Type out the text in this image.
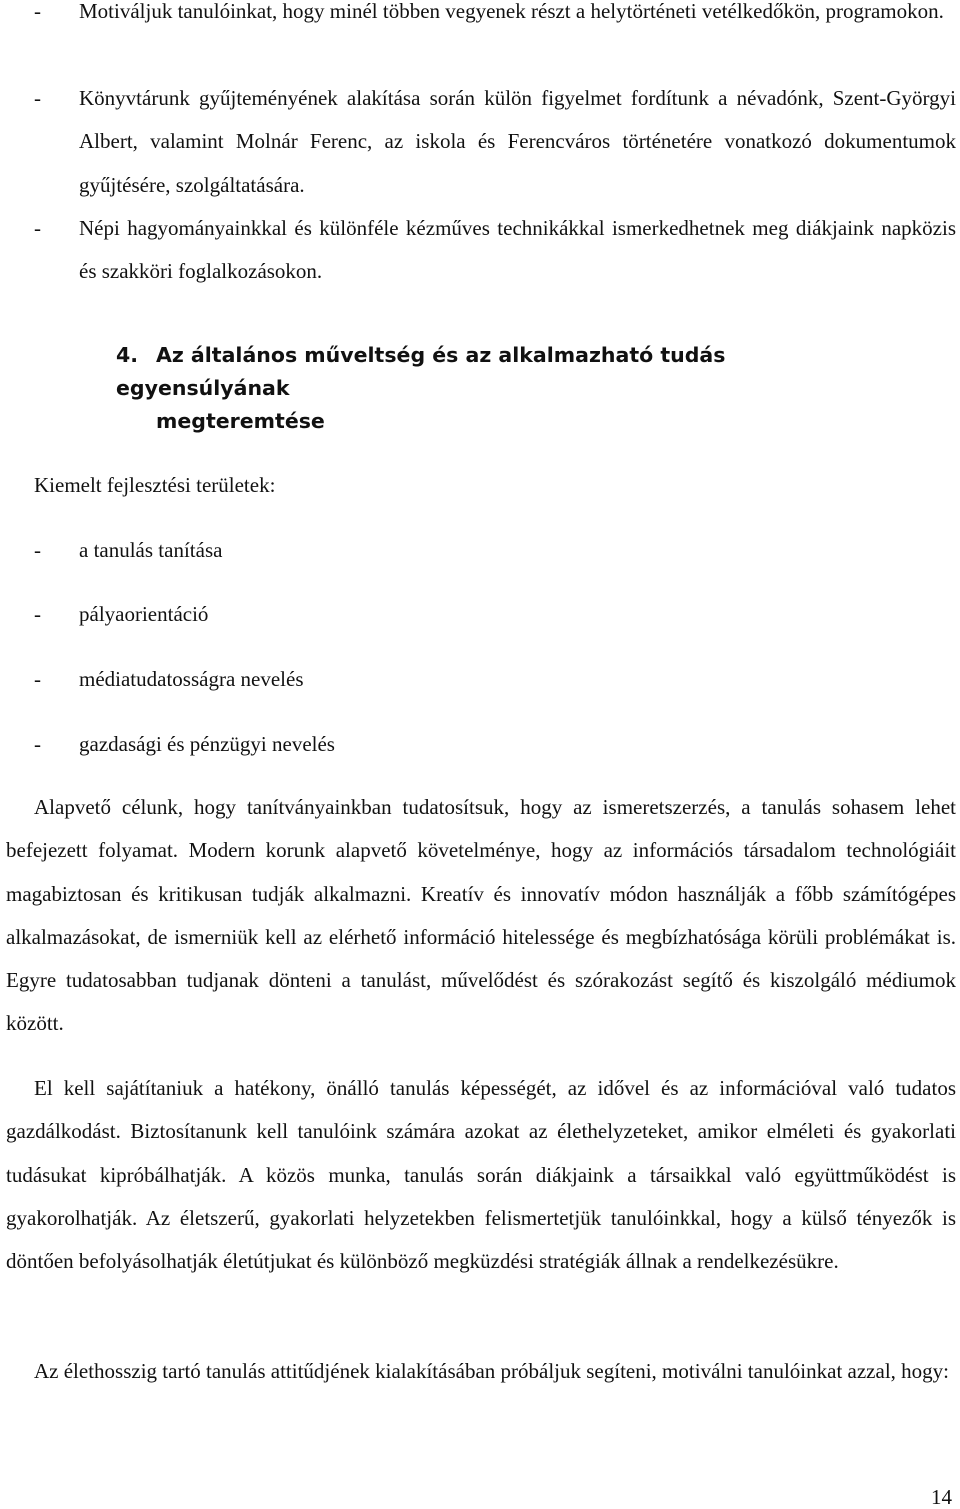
- Motiváljuk tanulóinkat, hogy minél többen vegyenek részt a helytörténeti vetélkedőkön, programokon.
- Könyvtárunk gyűjteményének alakítása során külön figyelmet fordítunk a névadónk, Szent-Györgyi Albert, valamint Molnár Ferenc, az iskola és Ferencváros történetére vonatkozó dokumentumok gyűjtésére, szolgáltatására.
- Népi hagyományainkkal és különféle kézműves technikákkal ismerkedhetnek meg diákjaink napközis és szakköri foglalkozásokon.
4. Az általános műveltség és az alkalmazható tudás egyensúlyának
megteremtése
Kiemelt fejlesztési területek:
- a tanulás tanítása
- pályaorientáció
- médiatudatosságra nevelés
- gazdasági és pénzügyi nevelés
Alapvető célunk, hogy tanítványainkban tudatosítsuk, hogy az ismeretszerzés, a tanulás sohasem lehet befejezett folyamat. Modern korunk alapvető követelménye, hogy az információs társadalom technológiáit magabiztosan és kritikusan tudják alkalmazni. Kreatív és innovatív módon használják a főbb számítógépes alkalmazásokat, de ismerniük kell az elérhető információ hitelessége és megbízhatósága körüli problémákat is. Egyre tudatosabban tudjanak dönteni a tanulást, művelődést és szórakozást segítő és kiszolgáló médiumok között.
El kell sajátítaniuk a hatékony, önálló tanulás képességét, az idővel és az információval való tudatos gazdálkodást. Biztosítanunk kell tanulóink számára azokat az élethelyzeteket, amikor elméleti és gyakorlati tudásukat kipróbálhatják. A közös munka, tanulás során diákjaink a társaikkal való együttműködést is gyakorolhatják. Az életszerű, gyakorlati helyzetekben felismertetjük tanulóinkkal, hogy a külső tényezők is döntően befolyásolhatják életútjukat és különböző megküzdési stratégiák állnak a rendelkezésükre.
Az élethosszig tartó tanulás attitűdjének kialakításában próbáljuk segíteni, motiválni tanulóinkat azzal, hogy:
14
